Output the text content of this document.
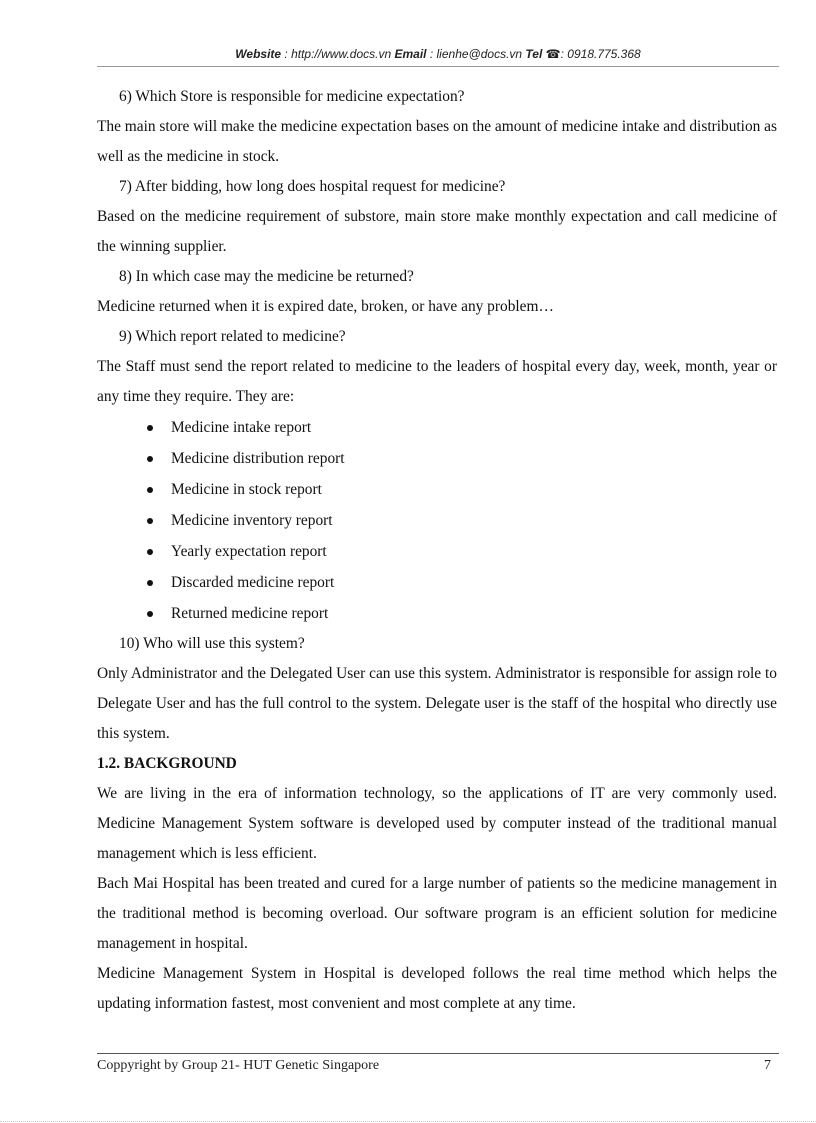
Website : http://www.docs.vn Email : lienhe@docs.vn Tel ☎: 0918.775.368

6) Which Store is responsible for medicine expectation?

The main store will make the medicine expectation bases on the amount of medicine intake and distribution as well as the medicine in stock.

7) After bidding, how long does hospital request for medicine?

Based on the medicine requirement of substore, main store make monthly expectation and call medicine of the winning supplier.

8) In which case may the medicine be returned?

Medicine returned when it is expired date, broken, or have any problem…

9) Which report related to medicine?

The Staff must send the report related to medicine to the leaders of hospital every day, week, month, year or any time they require. They are:

Medicine intake report
Medicine distribution report
Medicine in stock report
Medicine inventory report
Yearly expectation report
Discarded medicine report
Returned medicine report

10) Who will use this system?

Only Administrator and the Delegated User can use this system. Administrator is responsible for assign role to Delegate User and has the full control to the system. Delegate user is the staff of the hospital who directly use this system.

1.2. BACKGROUND

We are living in the era of information technology, so the applications of IT are very commonly used. Medicine Management System software is developed used by computer instead of the traditional manual management which is less efficient.

Bach Mai Hospital has been treated and cured for a large number of patients so the medicine management in the traditional method is becoming overload. Our software program is an efficient solution for medicine management in hospital.

Medicine Management System in Hospital is developed follows the real time method which helps the updating information fastest, most convenient and most complete at any time.

Coppyright by Group 21- HUT Genetic Singapore	7
